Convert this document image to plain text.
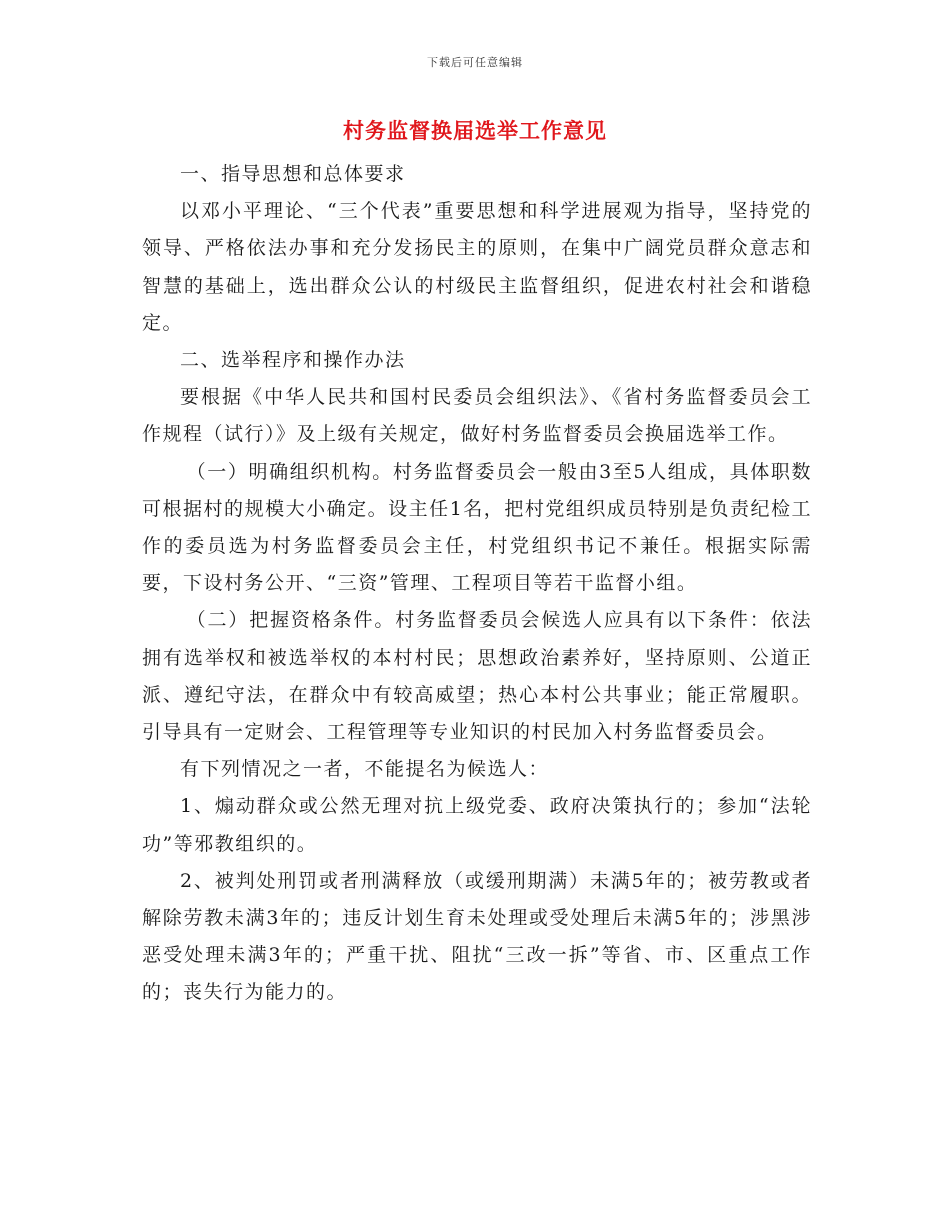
下载后可任意编辑
村务监督换届选举工作意见

一、指导思想和总体要求

以邓小平理论、“三个代表”重要思想和科学进展观为指导，坚持党的领导、严格依法办事和充分发扬民主的原则，在集中广阔党员群众意志和智慧的基础上，选出群众公认的村级民主监督组织，促进农村社会和谐稳定。

二、选举程序和操作办法

要根据《中华人民共和国村民委员会组织法》、《省村务监督委员会工作规程（试行）》及上级有关规定，做好村务监督委员会换届选举工作。

（一）明确组织机构。村务监督委员会一般由3至5人组成，具体职数可根据村的规模大小确定。设主任1名，把村党组织成员特别是负责纪检工作的委员选为村务监督委员会主任，村党组织书记不兼任。根据实际需要，下设村务公开、“三资”管理、工程项目等若干监督小组。

（二）把握资格条件。村务监督委员会候选人应具有以下条件：依法拥有选举权和被选举权的本村村民；思想政治素养好，坚持原则、公道正派、遵纪守法，在群众中有较高威望；热心本村公共事业；能正常履职。引导具有一定财会、工程管理等专业知识的村民加入村务监督委员会。

有下列情况之一者，不能提名为候选人：

1、煽动群众或公然无理对抗上级党委、政府决策执行的；参加“法轮功”等邪教组织的。

2、被判处刑罚或者刑满释放（或缓刑期满）未满5年的；被劳教或者解除劳教未满3年的；违反计划生育未处理或受处理后未满5年的；涉黑涉恶受处理未满3年的；严重干扰、阻扰“三改一拆”等省、市、区重点工作的；丧失行为能力的。
